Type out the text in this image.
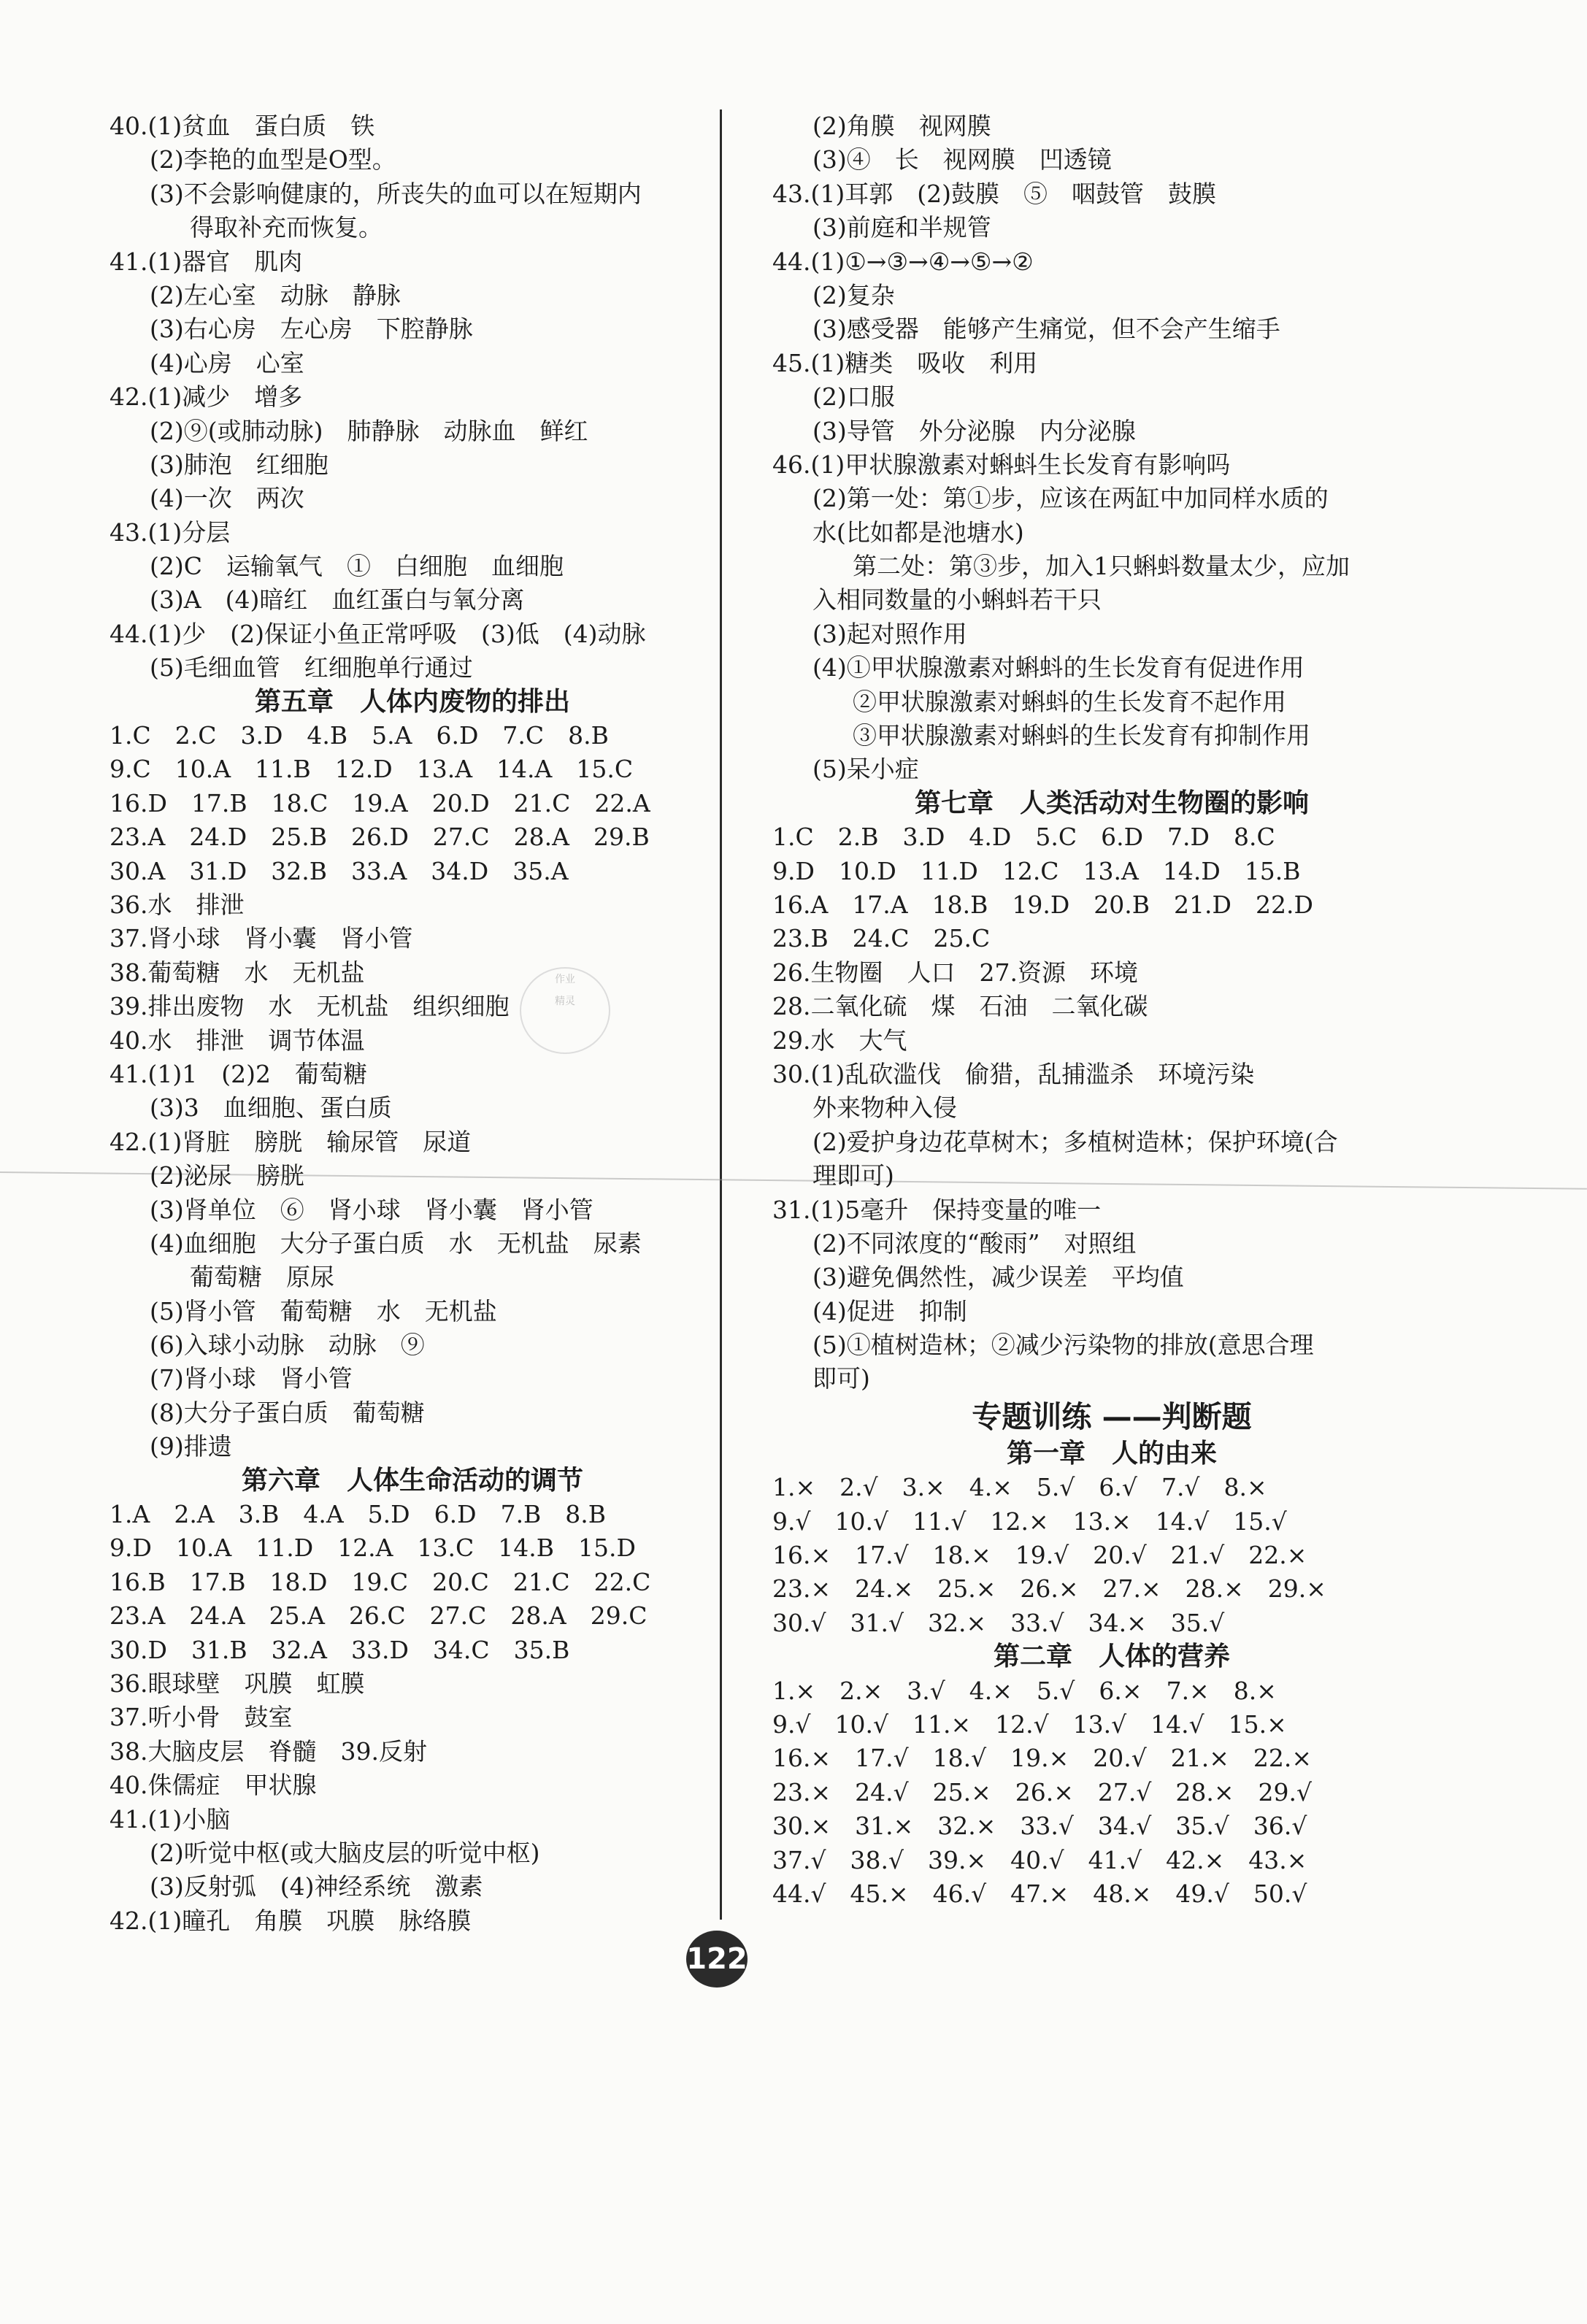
40.(1)贫血　蛋白质　铁
(2)李艳的血型是O型。
(3)不会影响健康的，所丧失的血可以在短期内
得取补充而恢复。
41.(1)器官　肌肉
(2)左心室　动脉　静脉
(3)右心房　左心房　下腔静脉
(4)心房　心室
42.(1)减少　增多
(2)⑨(或肺动脉)　肺静脉　动脉血　鲜红
(3)肺泡　红细胞
(4)一次　两次
43.(1)分层
(2)C　运输氧气　①　白细胞　血细胞
(3)A　(4)暗红　血红蛋白与氧分离
44.(1)少　(2)保证小鱼正常呼吸　(3)低　(4)动脉
(5)毛细血管　红细胞单行通过
第五章　人体内废物的排出
1.C　2.C　3.D　4.B　5.A　6.D　7.C　8.B
9.C　10.A　11.B　12.D　13.A　14.A　15.C
16.D　17.B　18.C　19.A　20.D　21.C　22.A
23.A　24.D　25.B　26.D　27.C　28.A　29.B
30.A　31.D　32.B　33.A　34.D　35.A
36.水　排泄
37.肾小球　肾小囊　肾小管
38.葡萄糖　水　无机盐
39.排出废物　水　无机盐　组织细胞
40.水　排泄　调节体温
41.(1)1　(2)2　葡萄糖
(3)3　血细胞、蛋白质
42.(1)肾脏　膀胱　输尿管　尿道
(2)泌尿　膀胱
(3)肾单位　⑥　肾小球　肾小囊　肾小管
(4)血细胞　大分子蛋白质　水　无机盐　尿素
葡萄糖　原尿
(5)肾小管　葡萄糖　水　无机盐
(6)入球小动脉　动脉　⑨
(7)肾小球　肾小管
(8)大分子蛋白质　葡萄糖
(9)排遗
第六章　人体生命活动的调节
1.A　2.A　3.B　4.A　5.D　6.D　7.B　8.B
9.D　10.A　11.D　12.A　13.C　14.B　15.D
16.B　17.B　18.D　19.C　20.C　21.C　22.C
23.A　24.A　25.A　26.C　27.C　28.A　29.C
30.D　31.B　32.A　33.D　34.C　35.B
36.眼球壁　巩膜　虹膜
37.听小骨　鼓室
38.大脑皮层　脊髓　39.反射
40.侏儒症　甲状腺
41.(1)小脑
(2)听觉中枢(或大脑皮层的听觉中枢)
(3)反射弧　(4)神经系统　激素
42.(1)瞳孔　角膜　巩膜　脉络膜
(2)角膜　视网膜
(3)④　长　视网膜　凹透镜
43.(1)耳郭　(2)鼓膜　⑤　咽鼓管　鼓膜
(3)前庭和半规管
44.(1)①→③→④→⑤→②
(2)复杂
(3)感受器　能够产生痛觉，但不会产生缩手
45.(1)糖类　吸收　利用
(2)口服
(3)导管　外分泌腺　内分泌腺
46.(1)甲状腺激素对蝌蚪生长发育有影响吗
(2)第一处：第①步，应该在两缸中加同样水质的
水(比如都是池塘水)
第二处：第③步，加入1只蝌蚪数量太少，应加
入相同数量的小蝌蚪若干只
(3)起对照作用
(4)①甲状腺激素对蝌蚪的生长发育有促进作用
②甲状腺激素对蝌蚪的生长发育不起作用
③甲状腺激素对蝌蚪的生长发育有抑制作用
(5)呆小症
第七章　人类活动对生物圈的影响
1.C　2.B　3.D　4.D　5.C　6.D　7.D　8.C
9.D　10.D　11.D　12.C　13.A　14.D　15.B
16.A　17.A　18.B　19.D　20.B　21.D　22.D
23.B　24.C　25.C
26.生物圈　人口　27.资源　环境
28.二氧化硫　煤　石油　二氧化碳
29.水　大气
30.(1)乱砍滥伐　偷猎，乱捕滥杀　环境污染
外来物种入侵
(2)爱护身边花草树木；多植树造林；保护环境(合
理即可)
31.(1)5毫升　保持变量的唯一
(2)不同浓度的“酸雨”　对照组
(3)避免偶然性，减少误差　平均值
(4)促进　抑制
(5)①植树造林；②减少污染物的排放(意思合理
即可)
专题训练 ——判断题
第一章　人的由来
1.×　2.√　3.×　4.×　5.√　6.√　7.√　8.×
9.√　10.√　11.√　12.×　13.×　14.√　15.√
16.×　17.√　18.×　19.√　20.√　21.√　22.×
23.×　24.×　25.×　26.×　27.×　28.×　29.×
30.√　31.√　32.×　33.√　34.×　35.√
第二章　人体的营养
1.×　2.×　3.√　4.×　5.√　6.×　7.×　8.×
9.√　10.√　11.×　12.√　13.√　14.√　15.×
16.×　17.√　18.√　19.×　20.√　21.×　22.×
23.×　24.√　25.×　26.×　27.√　28.×　29.√
30.×　31.×　32.×　33.√　34.√　35.√　36.√
37.√　38.√　39.×　40.√　41.√　42.×　43.×
44.√　45.×　46.√　47.×　48.×　49.√　50.√
作业
精灵
122
